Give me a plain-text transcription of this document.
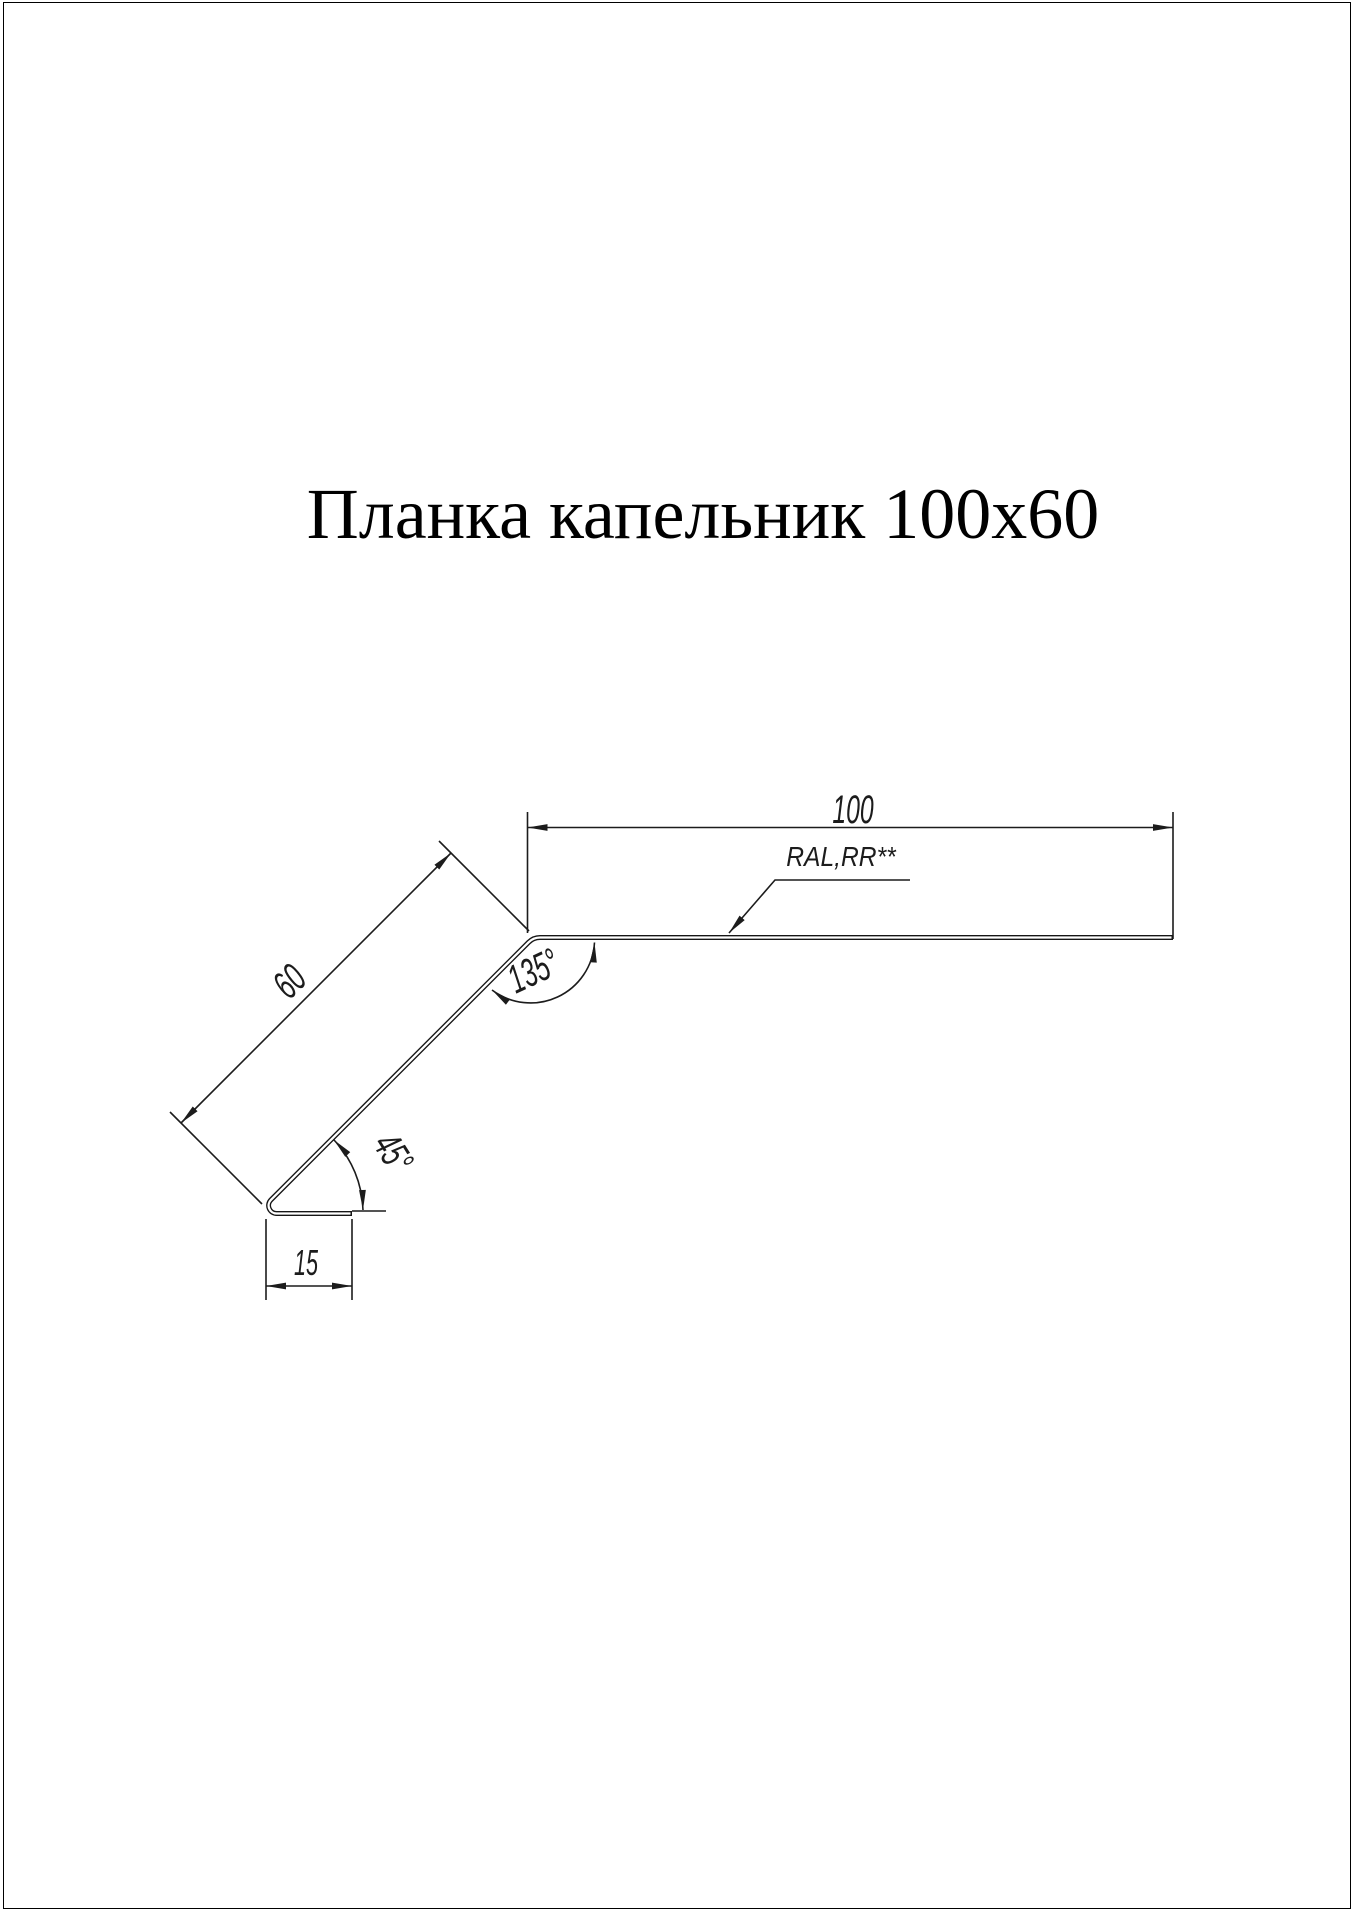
Планка капельник 100х60
100
RAL,RR**
60	135°
45°
15
